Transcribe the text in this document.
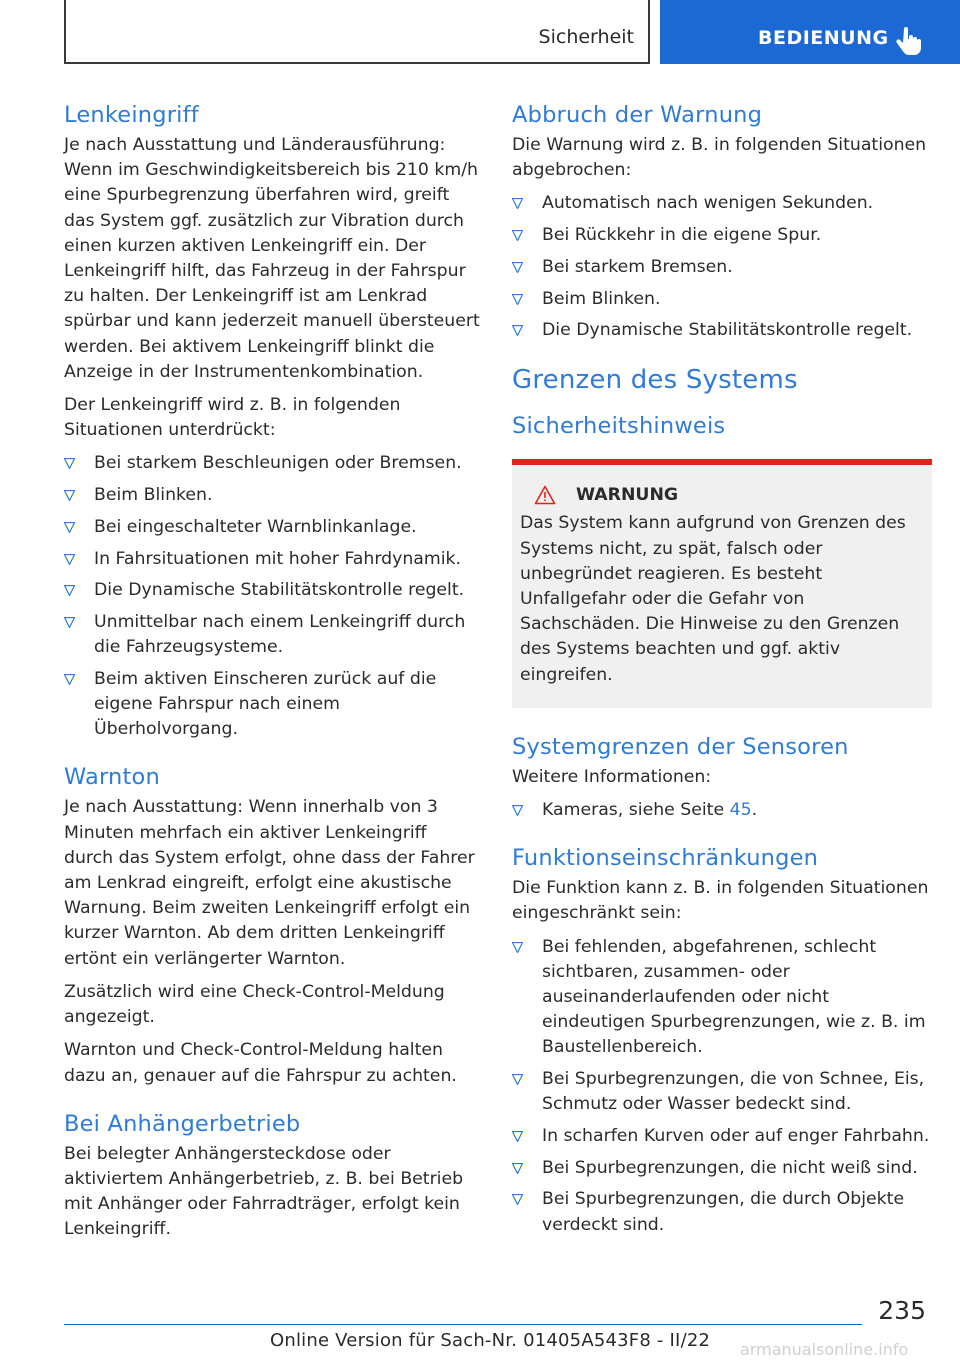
Sicherheit	BEDIENUNG
Lenkeingriff

Je nach Ausstattung und Länderausführung: Wenn im Geschwindigkeitsbereich bis 210 km/h eine Spurbegrenzung überfahren wird, greift das System ggf. zusätzlich zur Vibration durch einen kurzen aktiven Lenkeingriff ein. Der Lenkeingriff hilft, das Fahrzeug in der Fahrspur zu halten. Der Lenkeingriff ist am Lenkrad spürbar und kann jederzeit manuell übersteuert werden. Bei aktivem Lenkeingriff blinkt die Anzeige in der Instrumentenkombination.

Der Lenkeingriff wird z. B. in folgenden Situationen unterdrückt:

Bei starkem Beschleunigen oder Bremsen.
Beim Blinken.
Bei eingeschalteter Warnblinkanlage.
In Fahrsituationen mit hoher Fahrdynamik.
Die Dynamische Stabilitätskontrolle regelt.
Unmittelbar nach einem Lenkeingriff durch die Fahrzeugsysteme.
Beim aktiven Einscheren zurück auf die eigene Fahrspur nach einem Überholvorgang.
Warnton

Je nach Ausstattung: Wenn innerhalb von 3 Minuten mehrfach ein aktiver Lenkeingriff durch das System erfolgt, ohne dass der Fahrer am Lenkrad eingreift, erfolgt eine akustische Warnung. Beim zweiten Lenkeingriff erfolgt ein kurzer Warnton. Ab dem dritten Lenkeingriff ertönt ein verlängerter Warnton.

Zusätzlich wird eine Check-Control-Meldung angezeigt.

Warnton und Check-Control-Meldung halten dazu an, genauer auf die Fahrspur zu achten.

Bei Anhängerbetrieb

Bei belegter Anhängersteckdose oder aktiviertem Anhängerbetrieb, z. B. bei Betrieb mit Anhänger oder Fahrradträger, erfolgt kein Lenkeingriff.

Abbruch der Warnung

Die Warnung wird z. B. in folgenden Situationen abgebrochen:

Automatisch nach wenigen Sekunden.
Bei Rückkehr in die eigene Spur.
Bei starkem Bremsen.
Beim Blinken.
Die Dynamische Stabilitätskontrolle regelt.
Grenzen des Systems
Sicherheitshinweis
WARNUNG

Das System kann aufgrund von Grenzen des Systems nicht, zu spät, falsch oder unbegründet reagieren. Es besteht Unfallgefahr oder die Gefahr von Sachschäden. Die Hinweise zu den Grenzen des Systems beachten und ggf. aktiv eingreifen.

Systemgrenzen der Sensoren

Weitere Informationen:

Kameras, siehe Seite 45.
Funktionseinschränkungen

Die Funktion kann z. B. in folgenden Situationen eingeschränkt sein:

Bei fehlenden, abgefahrenen, schlecht sichtbaren, zusammen- oder auseinanderlaufenden oder nicht eindeutigen Spurbegrenzungen, wie z. B. im Baustellenbereich.
Bei Spurbegrenzungen, die von Schnee, Eis, Schmutz oder Wasser bedeckt sind.
In scharfen Kurven oder auf enger Fahrbahn.
Bei Spurbegrenzungen, die nicht weiß sind.
Bei Spurbegrenzungen, die durch Objekte verdeckt sind.
235
Online Version für Sach-Nr. 01405A543F8 - II/22 armanualsonline.info
